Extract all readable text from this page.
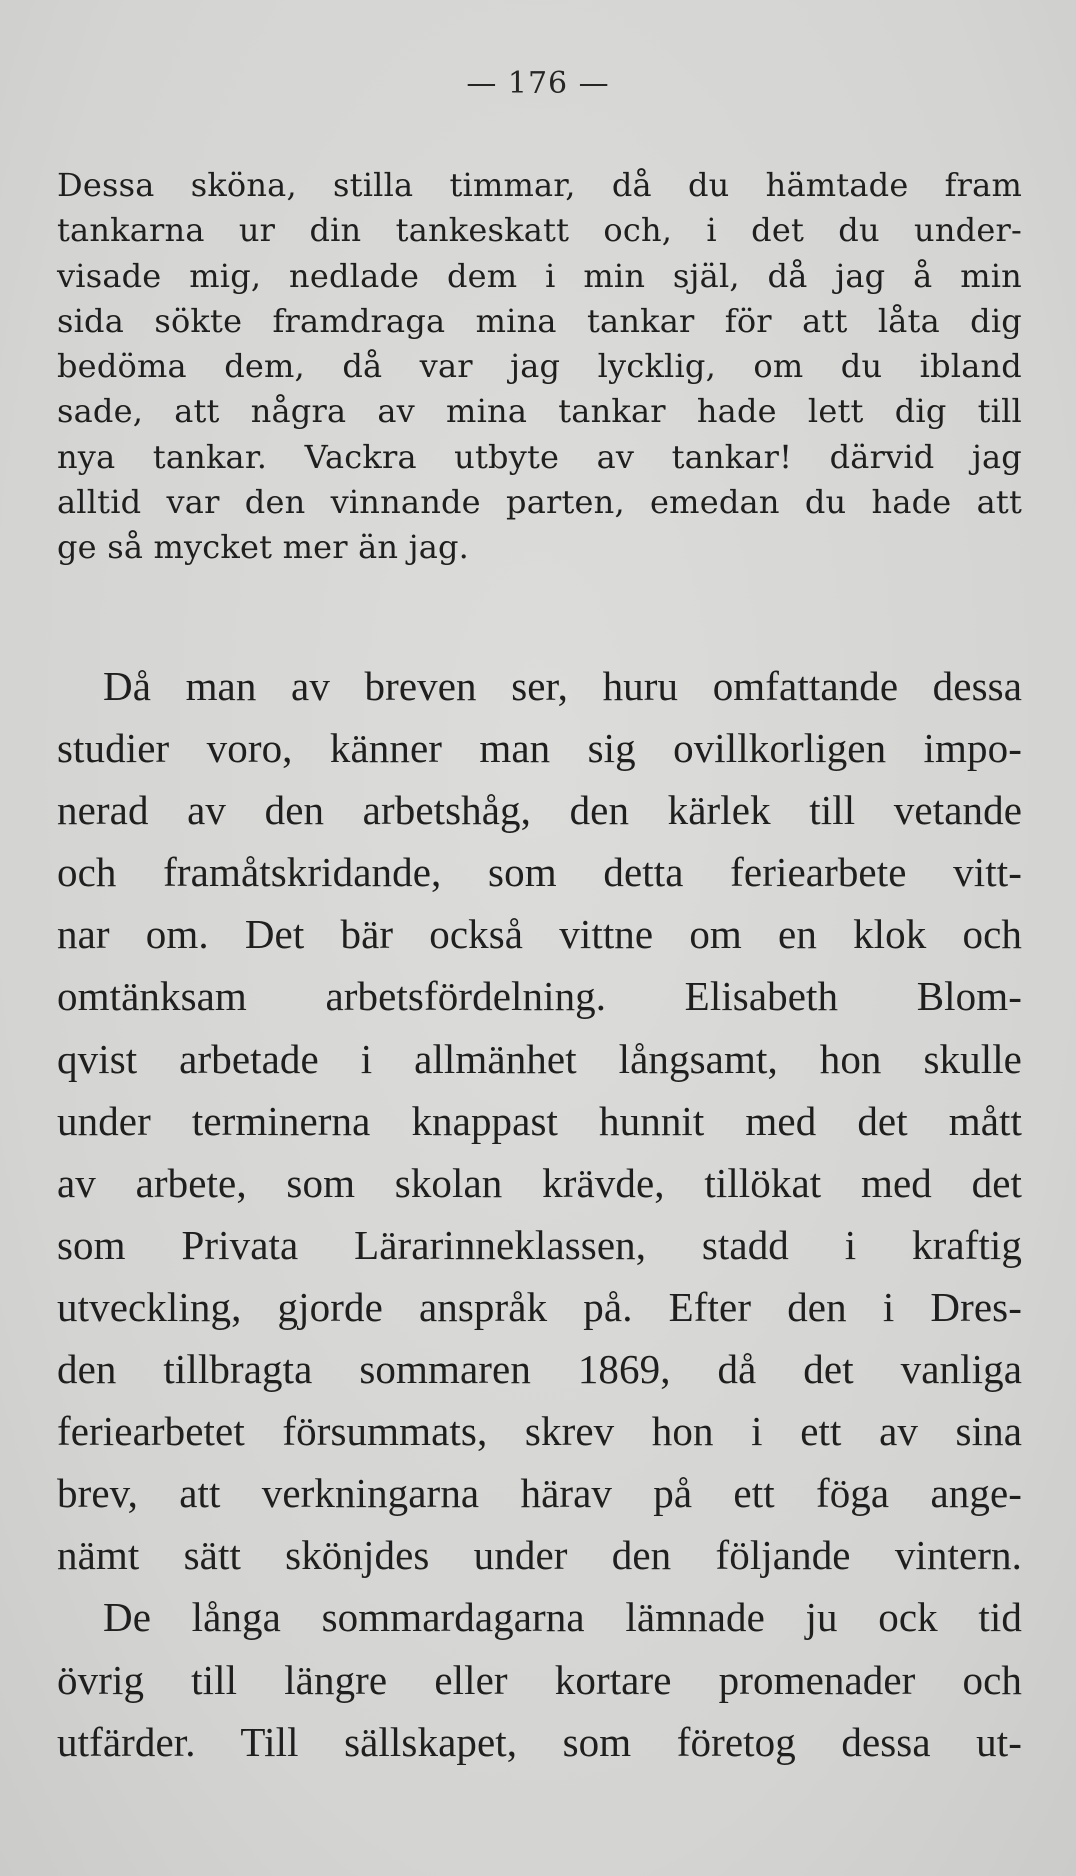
— 176 —
Dessa sköna, stilla timmar, då du hämtade fram
tankarna ur din tankeskatt och, i det du under-
visade mig, nedlade dem i min själ, då jag å min
sida sökte framdraga mina tankar för att låta dig
bedöma dem, då var jag lycklig, om du ibland
sade, att några av mina tankar hade lett dig till
nya tankar. Vackra utbyte av tankar! därvid jag
alltid var den vinnande parten, emedan du hade att
ge så mycket mer än jag.
Då man av breven ser, huru omfattande dessa
studier voro, känner man sig ovillkorligen impo-
nerad av den arbetshåg, den kärlek till vetande
och framåtskridande, som detta feriearbete vitt-
nar om. Det bär också vittne om en klok och
omtänksam arbetsfördelning. Elisabeth Blom-
qvist arbetade i allmänhet långsamt, hon skulle
under terminerna knappast hunnit med det mått
av arbete, som skolan krävde, tillökat med det
som Privata Lärarinneklassen, stadd i kraftig
utveckling, gjorde anspråk på. Efter den i Dres-
den tillbragta sommaren 1869, då det vanliga
feriearbetet försummats, skrev hon i ett av sina
brev, att verkningarna härav på ett föga ange-
nämt sätt skönjdes under den följande vintern.
De långa sommardagarna lämnade ju ock tid
övrig till längre eller kortare promenader och
utfärder. Till sällskapet, som företog dessa ut-
